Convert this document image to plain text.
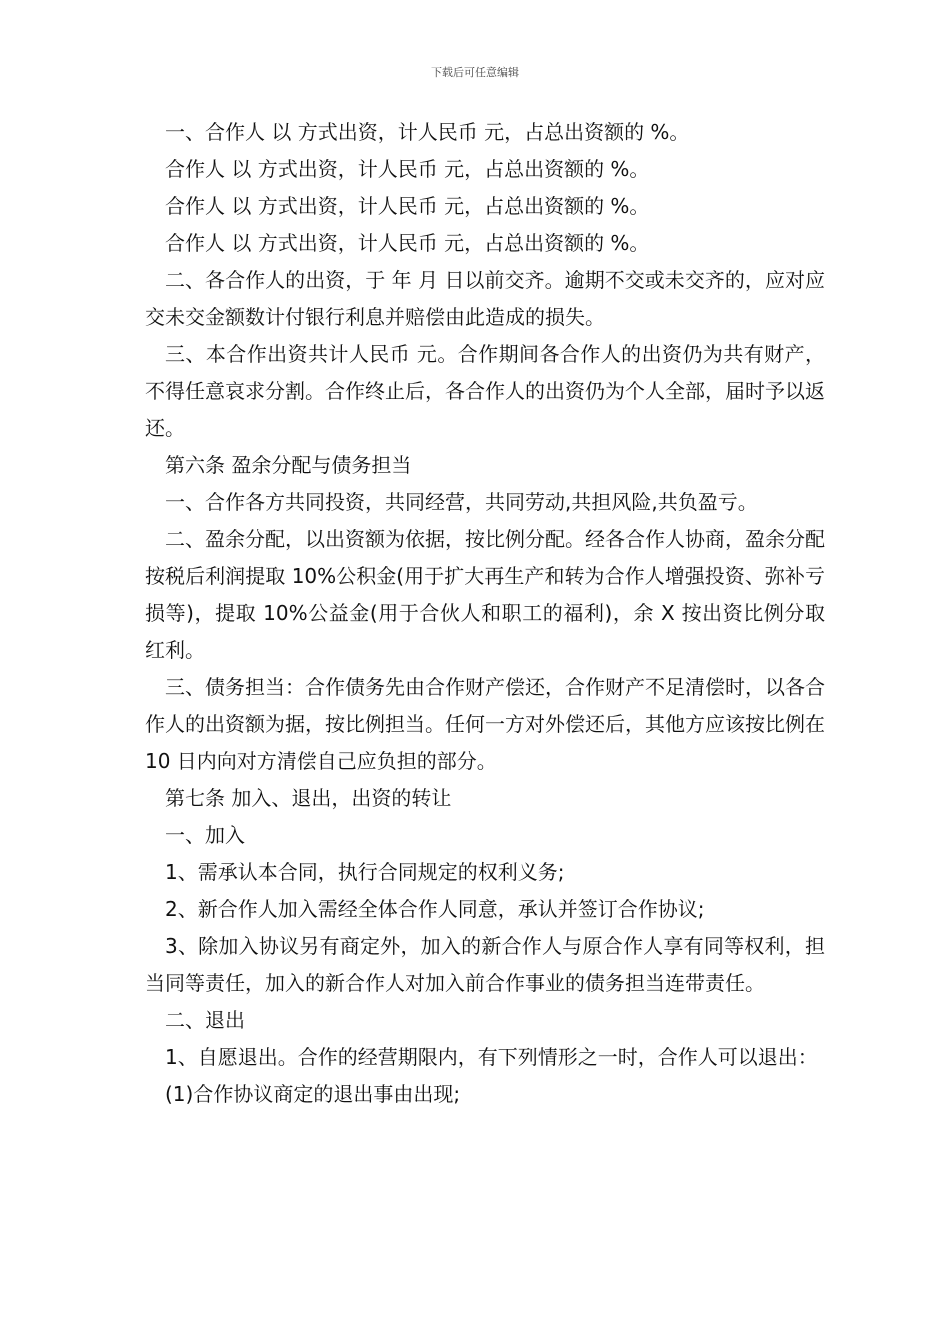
下载后可任意编辑

一、合作人 以 方式出资，计人民币 元，占总出资额的 %。

合作人 以 方式出资，计人民币 元，占总出资额的 %。

合作人 以 方式出资，计人民币 元，占总出资额的 %。

合作人 以 方式出资，计人民币 元，占总出资额的 %。

二、各合作人的出资，于 年 月 日以前交齐。逾期不交或未交齐的，应对应交未交金额数计付银行利息并赔偿由此造成的损失。

三、本合作出资共计人民币 元。合作期间各合作人的出资仍为共有财产，不得任意哀求分割。合作终止后，各合作人的出资仍为个人全部，届时予以返还。

第六条 盈余分配与债务担当

一、合作各方共同投资，共同经营，共同劳动,共担风险,共负盈亏。

二、盈余分配，以出资额为依据，按比例分配。经各合作人协商，盈余分配按税后利润提取 10%公积金(用于扩大再生产和转为合作人增强投资、弥补亏损等)，提取 10%公益金(用于合伙人和职工的福利)，余 X 按出资比例分取红利。

三、债务担当：合作债务先由合作财产偿还，合作财产不足清偿时，以各合作人的出资额为据，按比例担当。任何一方对外偿还后，其他方应该按比例在 10 日内向对方清偿自己应负担的部分。

第七条 加入、退出，出资的转让

一、加入

1、需承认本合同，执行合同规定的权利义务;

2、新合作人加入需经全体合作人同意，承认并签订合作协议;

3、除加入协议另有商定外，加入的新合作人与原合作人享有同等权利，担当同等责任，加入的新合作人对加入前合作事业的债务担当连带责任。

二、退出

1、自愿退出。合作的经营期限内，有下列情形之一时，合作人可以退出：

(1)合作协议商定的退出事由出现;
